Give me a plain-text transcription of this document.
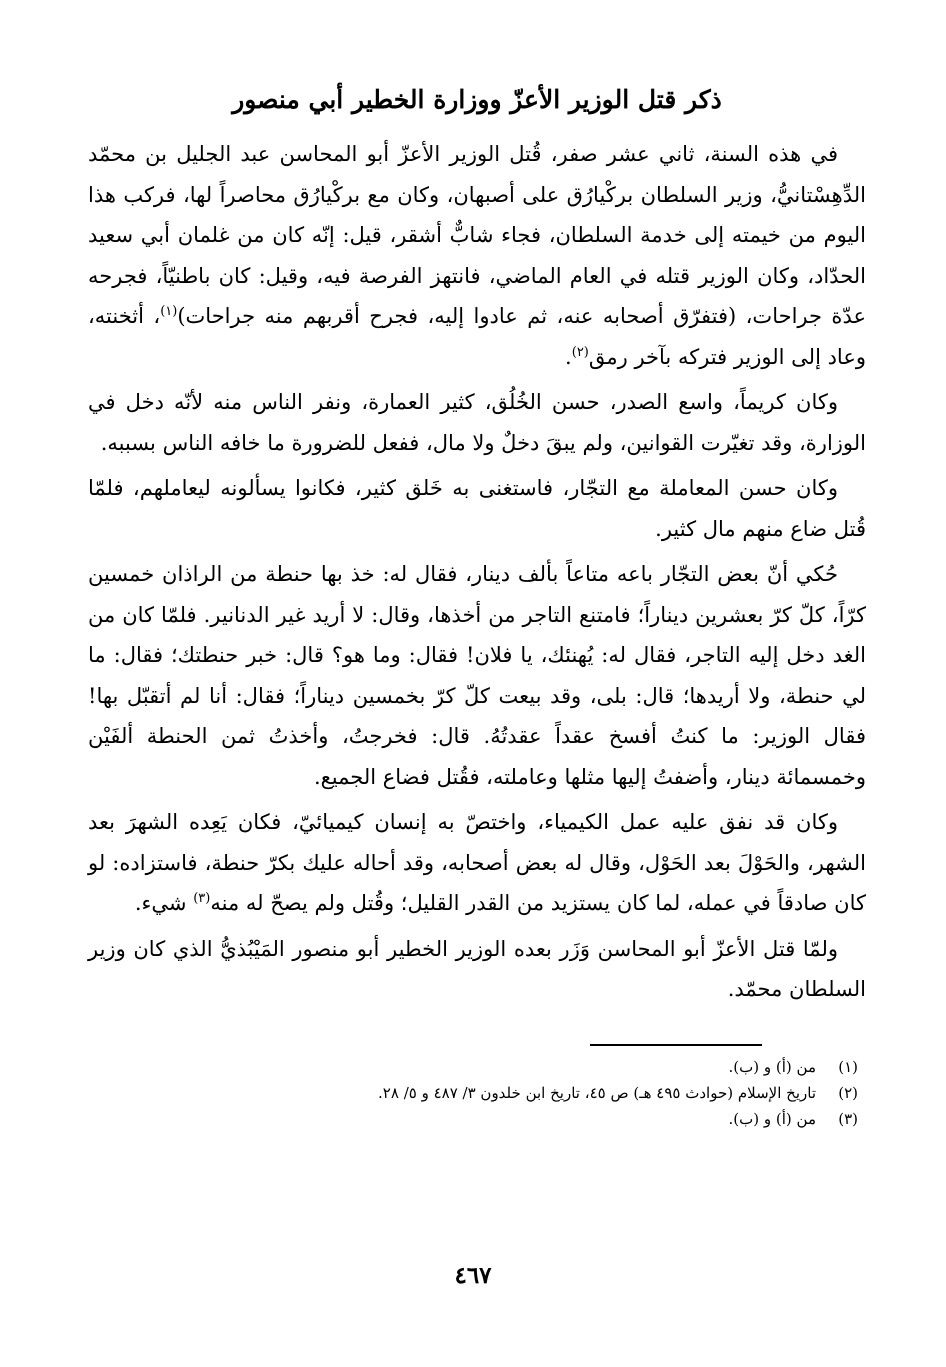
ذكر قتل الوزير الأعزّ ووزارة الخطير أبي منصور
في هذه السنة، ثاني عشر صفر، قُتل الوزير الأعزّ أبو المحاسن عبد الجليل بن محمّد الدِّهِسْتانيُّ، وزير السلطان بركْيارُق على أصبهان، وكان مع بركْيارُق محاصراً لها، فركب هذا اليوم من خيمته إلى خدمة السلطان، فجاء شابٌّ أشقر، قيل: إنّه كان من غلمان أبي سعيد الحدّاد، وكان الوزير قتله في العام الماضي، فانتهز الفرصة فيه، وقيل: كان باطنيّاً، فجرحه عدّة جراحات، (فتفرّق أصحابه عنه، ثم عادوا إليه، فجرح أقربهم منه جراحات)$^{(١)}$، أثخنته، وعاد إلى الوزير فتركه بآخر رمق$^{(٢)}$.
وكان كريماً، واسع الصدر، حسن الخُلُق، كثير العمارة، ونفر الناس منه لأنّه دخل في الوزارة، وقد تغيّرت القوانين، ولم يبقَ دخلٌ ولا مال، ففعل للضرورة ما خافه الناس بسببه.
وكان حسن المعاملة مع التجّار، فاستغنى به خَلق كثير، فكانوا يسألونه ليعاملهم، فلمّا قُتل ضاع منهم مال كثير.
حُكي أنّ بعض التجّار باعه متاعاً بألف دينار، فقال له: خذ بها حنطة من الراذان خمسين كرّاً، كلّ كرّ بعشرين ديناراً؛ فامتنع التاجر من أخذها، وقال: لا أريد غير الدنانير. فلمّا كان من الغد دخل إليه التاجر، فقال له: يُهنئك، يا فلان! فقال: وما هو؟ قال: خبر حنطتك؛ فقال: ما لي حنطة، ولا أريدها؛ قال: بلى، وقد بيعت كلّ كرّ بخمسين ديناراً؛ فقال: أنا لم أتقبّل بها! فقال الوزير: ما كنتُ أفسخ عقداً عقدتُهُ. قال: فخرجتُ، وأخذتُ ثمن الحنطة ألفَيْن وخمسمائة دينار، وأضفتُ إليها مثلها وعاملته، فقُتل فضاع الجميع.
وكان قد نفق عليه عمل الكيمياء، واختصّ به إنسان كيميائيّ، فكان يَعِده الشهرَ بعد الشهر، والحَوْلَ بعد الحَوْل، وقال له بعض أصحابه، وقد أحاله عليك بكرّ حنطة، فاستزاده: لو كان صادقاً في عمله، لما كان يستزيد من القدر القليل؛ وقُتل ولم يصحّ له منه$^{(٣)}$ شيء.
ولمّا قتل الأعزّ أبو المحاسن وَزَر بعده الوزير الخطير أبو منصور المَيْبُذيُّ الذي كان وزير السلطان محمّد.
(١)
من (أ) و (ب).
(٢)
تاريخ الإسلام (حوادث ٤٩٥ هـ) ص ٤٥، تاريخ ابن خلدون ٣/ ٤٨٧ و ٥/ ٢٨.
(٣)
من (أ) و (ب).
٤٦٧
